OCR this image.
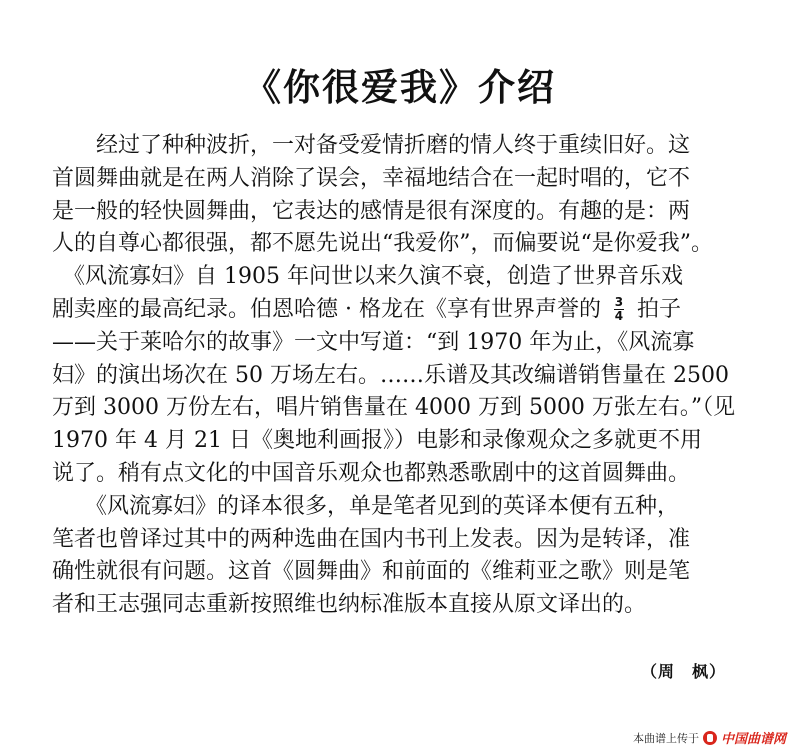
《你很爱我》介绍
　　经过了种种波折，一对备受爱情折磨的情人终于重续旧好。这
首圆舞曲就是在两人消除了误会，幸福地结合在一起时唱的，它不
是一般的轻快圆舞曲，它表达的感情是很有深度的。有趣的是：两
人的自尊心都很强，都不愿先说出“我爱你”，而偏要说“是你爱我”。
　《风流寡妇》自 1905 年问世以来久演不衰，创造了世界音乐戏
剧卖座的最高纪录。伯恩哈德 · 格龙在《享有世界声誉的 $\frac{3}{4}$ 拍子
——关于莱哈尔的故事》一文中写道：“到 1970 年为止，《风流寡
妇》的演出场次在 50 万场左右。……乐谱及其改编谱销售量在 2500
万到 3000 万份左右，唱片销售量在 4000 万到 5000 万张左右。”（见
1970 年 4 月 21 日《奥地利画报》）电影和录像观众之多就更不用
说了。稍有点文化的中国音乐观众也都熟悉歌剧中的这首圆舞曲。
　　《风流寡妇》的译本很多，单是笔者见到的英译本便有五种，
笔者也曾译过其中的两种选曲在国内书刊上发表。因为是转译，准
确性就很有问题。这首《圆舞曲》和前面的《维莉亚之歌》则是笔
者和王志强同志重新按照维也纳标准版本直接从原文译出的。
（周　枫）
本曲谱上传于 中国曲谱网
